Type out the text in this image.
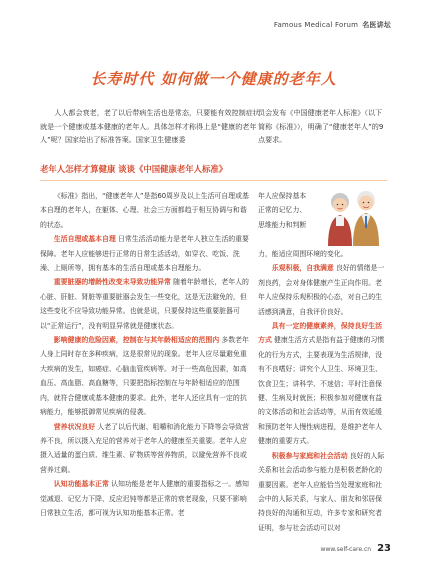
Famous Medical Forum 名医讲坛
长寿时代 如何做一个健康的老年人

人人都会衰老，老了以后带病生活也是常态，只要能有效控制症状就是一个健康或基本健康的老年人。具体怎样才称得上是“健康的老年人”呢？国家给出了标准答案。国家卫生健康委

员会发布《中国健康老年人标准》（以下简称《标准》），明确了“健康老年人”的9点要求。

老年人怎样才算健康 谈谈《中国健康老年人标准》

《标准》指出，“健康老年人”是指60周岁及以上生活可自理或基本自理的老年人，在躯体、心理、社会三方面都趋于相互协调与和谐的状态。

生活自理或基本自理 日常生活活动能力是老年人独立生活的重要保障。老年人应能够进行正常的日常生活活动，如穿衣、吃饭、洗澡、上厕所等，拥有基本的生活自理或基本自理能力。

重要脏器的增龄性改变未导致功能异常 随着年龄增长，老年人的心脏、肝脏、肾脏等重要脏器会发生一些变化，这是无法避免的，但这些变化不应导致功能异常。也就是说，只要保持这些重要脏器可以“正常运行”，没有明显异常就是健康状态。

影响健康的危险因素，控制在与其年龄相适应的范围内 多数老年人身上同时存在多种疾病，这是很常见的现象。老年人应尽量避免重大疾病的发生，如癌症、心脑血管疾病等。对于一些高危因素，如高血压、高血脂、高血糖等，只要把指标控制在与年龄相适应的范围内，就符合健康或基本健康的要求。此外，老年人还应具有一定的抗病能力，能够抵御常见疾病的侵袭。

营养状况良好 人老了以后代谢、咀嚼和消化能力下降等会导致营养不良，所以摄入充足的营养对于老年人的健康至关重要。老年人应摄入适量的蛋白质、维生素、矿物质等营养物质，以避免营养不良或营养过剩。

认知功能基本正常 认知功能是老年人健康的重要指标之一。感知觉减退、记忆力下降、反应迟钝等都是正常的衰老现象，只要不影响日常独立生活，都可视为认知功能基本正常。老

年人应保持基本正常的记忆力、思维能力和判断

力，能适应周围环境的变化。

乐观积极，自我满意 良好的情绪是一剂良药，会对身体健康产生正向作用。老年人应保持乐观积极的心态，对自己的生活感到满意，自我评价良好。

具有一定的健康素养，保持良好生活方式 健康生活方式是指有益于健康的习惯化的行为方式，主要表现为生活规律，没有不良嗜好；讲究个人卫生、环境卫生、饮食卫生；讲科学、不迷信；平时注意保健、生病及时就医；积极参加对健康有益的文体活动和社会活动等，从而有效延缓和预防老年人慢性病进程，是维护老年人健康的重要方式。

积极参与家庭和社会活动 良好的人际关系和社会活动参与能力是积极老龄化的重要因素。老年人应能恰当处理家庭和社会中的人际关系，与家人、朋友和邻居保持良好的沟通和互动，许多专家和研究者证明，参与社会活动可以对

www.self-care.cn 23
